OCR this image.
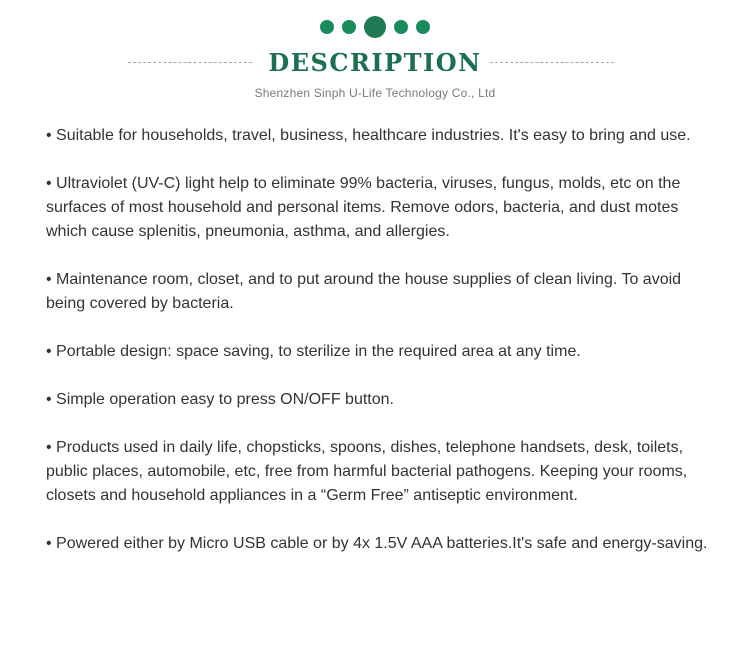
DESCRIPTION
Shenzhen Sinph U-Life Technology Co., Ltd

• Suitable for households, travel, business, healthcare industries. It's easy to bring and use.

• Ultraviolet (UV-C) light help to eliminate 99% bacteria, viruses, fungus, molds, etc on the surfaces of most household and personal items. Remove odors, bacteria, and dust motes which cause splenitis, pneumonia, asthma, and allergies.

• Maintenance room, closet, and to put around the house supplies of clean living. To avoid being covered by bacteria.

• Portable design: space saving, to sterilize in the required area at any time.

• Simple operation easy to press ON/OFF button.

• Products used in daily life, chopsticks, spoons, dishes, telephone handsets, desk, toilets, public places, automobile, etc, free from harmful bacterial pathogens. Keeping your rooms, closets and household appliances in a “Germ Free” antiseptic environment.

• Powered either by Micro USB cable or by 4x 1.5V AAA batteries.It's safe and energy-saving.
